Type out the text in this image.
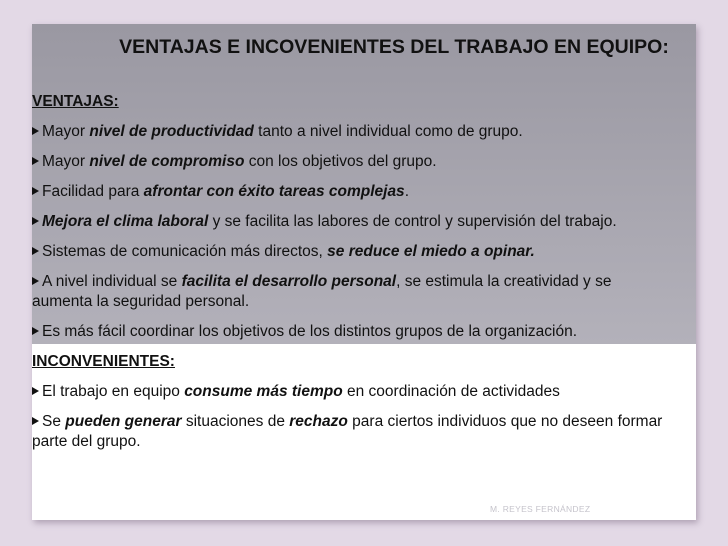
VENTAJAS E INCOVENIENTES DEL TRABAJO EN EQUIPO:
VENTAJAS:
Mayor nivel de productividad tanto a nivel individual como de grupo.
Mayor nivel de compromiso con los objetivos del grupo.
Facilidad para afrontar con éxito tareas complejas.
Mejora el clima laboral y se facilita las labores de control y supervisión del trabajo.
Sistemas de comunicación más directos, se reduce el miedo a opinar.
A nivel individual se facilita el desarrollo personal, se estimula la creatividad y se aumenta la seguridad personal.
Es más fácil coordinar los objetivos de los distintos grupos de la organización.
INCONVENIENTES:
El trabajo en equipo consume más tiempo en coordinación de actividades
Se pueden generar situaciones de rechazo para ciertos individuos que no deseen formar parte del grupo.
M. REYES FERNÁNDEZ
